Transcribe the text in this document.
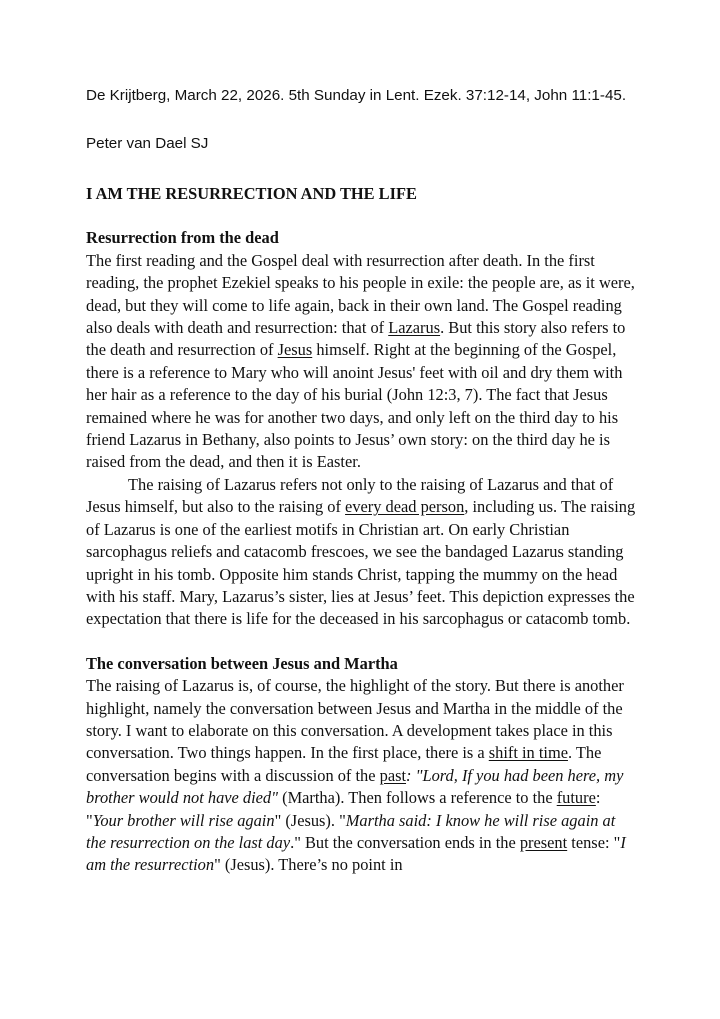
De Krijtberg, March 22, 2026. 5th Sunday in Lent. Ezek. 37:12-14, John 11:1-45.

Peter van Dael SJ

I AM THE RESURRECTION AND THE LIFE

Resurrection from the dead

The first reading and the Gospel deal with resurrection after death. In the first reading, the prophet Ezekiel speaks to his people in exile: the people are, as it were, dead, but they will come to life again, back in their own land. The Gospel reading also deals with death and resurrection: that of Lazarus. But this story also refers to the death and resurrection of Jesus himself. Right at the beginning of the Gospel, there is a reference to Mary who will anoint Jesus' feet with oil and dry them with her hair as a reference to the day of his burial (John 12:3, 7). The fact that Jesus remained where he was for another two days, and only left on the third day to his friend Lazarus in Bethany, also points to Jesus’ own story: on the third day he is raised from the dead, and then it is Easter.

The raising of Lazarus refers not only to the raising of Lazarus and that of Jesus himself, but also to the raising of every dead person, including us. The raising of Lazarus is one of the earliest motifs in Christian art. On early Christian sarcophagus reliefs and catacomb frescoes, we see the bandaged Lazarus standing upright in his tomb. Opposite him stands Christ, tapping the mummy on the head with his staff. Mary, Lazarus’s sister, lies at Jesus’ feet. This depiction expresses the expectation that there is life for the deceased in his sarcophagus or catacomb tomb.

The conversation between Jesus and Martha

The raising of Lazarus is, of course, the highlight of the story. But there is another highlight, namely the conversation between Jesus and Martha in the middle of the story. I want to elaborate on this conversation. A development takes place in this conversation. Two things happen. In the first place, there is a shift in time. The conversation begins with a discussion of the past: "Lord, If you had been here, my brother would not have died" (Martha). Then follows a reference to the future: "Your brother will rise again" (Jesus). "Martha said: I know he will rise again at the resurrection on the last day." But the conversation ends in the present tense: "I am the resurrection" (Jesus). There’s no point in
